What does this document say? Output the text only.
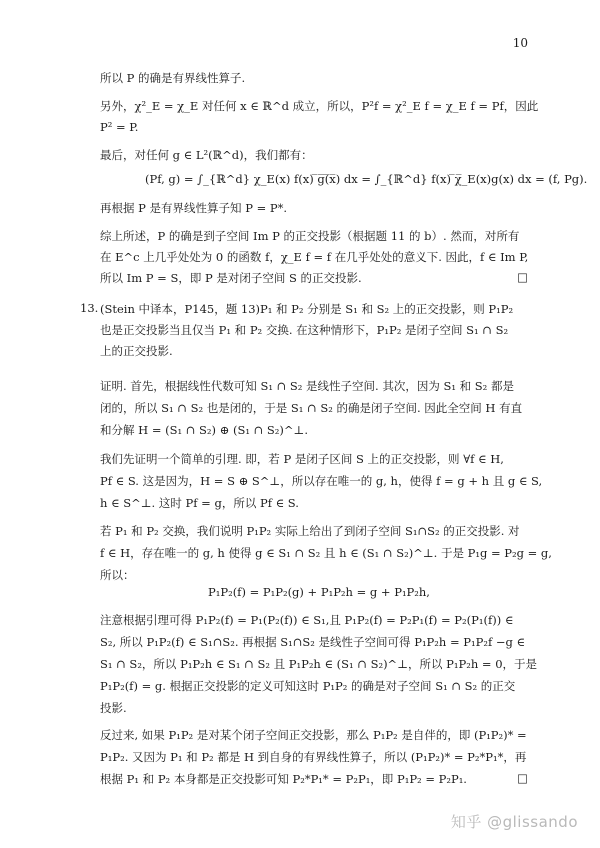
10
所以 P 的确是有界线性算子.
另外，χ²_E = χ_E 对任何 x ∈ ℝ^d 成立，所以，P²f = χ²_E f = χ_E f = Pf，因此
P² = P.
最后，对任何 g ∈ L²(ℝ^d)，我们都有：
(Pf, g) = ∫_{ℝ^d} χ_E(x) f(x) ̅g̅(̅x̅) dx = ∫_{ℝ^d} f(x) ̅χ̅_E(x)g(x) dx = (f, Pg).
再根据 P 是有界线性算子知 P = P*.
综上所述，P 的确是到子空间 Im P 的正交投影（根据题 11 的 b）. 然而，对所有
在 E^c 上几乎处处为 0 的函数 f，χ_E f = f 在几乎处处的意义下. 因此，f ∈ Im P,
所以 Im P = S，即 P 是对闭子空间 S 的正交投影.	□
13. (Stein 中译本，P145，题 13)P₁ 和 P₂ 分别是 S₁ 和 S₂ 上的正交投影，则 P₁P₂
也是正交投影当且仅当 P₁ 和 P₂ 交换. 在这种情形下，P₁P₂ 是闭子空间 S₁ ∩ S₂
上的正交投影.
证明. 首先，根据线性代数可知 S₁ ∩ S₂ 是线性子空间. 其次，因为 S₁ 和 S₂ 都是
闭的，所以 S₁ ∩ S₂ 也是闭的，于是 S₁ ∩ S₂ 的确是闭子空间. 因此全空间 H 有直
和分解 H = (S₁ ∩ S₂) ⊕ (S₁ ∩ S₂)^⊥.
我们先证明一个简单的引理. 即，若 P 是闭子区间 S 上的正交投影，则 ∀f ∈ H,
Pf ∈ S. 这是因为，H = S ⊕ S^⊥，所以存在唯一的 g, h，使得 f = g + h 且 g ∈ S,
h ∈ S^⊥. 这时 Pf = g，所以 Pf ∈ S.
若 P₁ 和 P₂ 交换，我们说明 P₁P₂ 实际上给出了到闭子空间 S₁∩S₂ 的正交投影. 对
f ∈ H，存在唯一的 g, h 使得 g ∈ S₁ ∩ S₂ 且 h ∈ (S₁ ∩ S₂)^⊥. 于是 P₁g = P₂g = g,
所以：
P₁P₂(f) = P₁P₂(g) + P₁P₂h = g + P₁P₂h,
注意根据引理可得 P₁P₂(f) = P₁(P₂(f)) ∈ S₁,且 P₁P₂(f) = P₂P₁(f) = P₂(P₁(f)) ∈
S₂, 所以 P₁P₂(f) ∈ S₁∩S₂. 再根据 S₁∩S₂ 是线性子空间可得 P₁P₂h = P₁P₂f −g ∈
S₁ ∩ S₂，所以 P₁P₂h ∈ S₁ ∩ S₂ 且 P₁P₂h ∈ (S₁ ∩ S₂)^⊥，所以 P₁P₂h = 0，于是
P₁P₂(f) = g. 根据正交投影的定义可知这时 P₁P₂ 的确是对子空间 S₁ ∩ S₂ 的正交
投影.
反过来, 如果 P₁P₂ 是对某个闭子空间正交投影，那么 P₁P₂ 是自伴的，即 (P₁P₂)* =
P₁P₂. 又因为 P₁ 和 P₂ 都是 H 到自身的有界线性算子，所以 (P₁P₂)* = P₂*P₁*，再
根据 P₁ 和 P₂ 本身都是正交投影可知 P₂*P₁* = P₂P₁，即 P₁P₂ = P₂P₁.	□
知乎 @glissando
